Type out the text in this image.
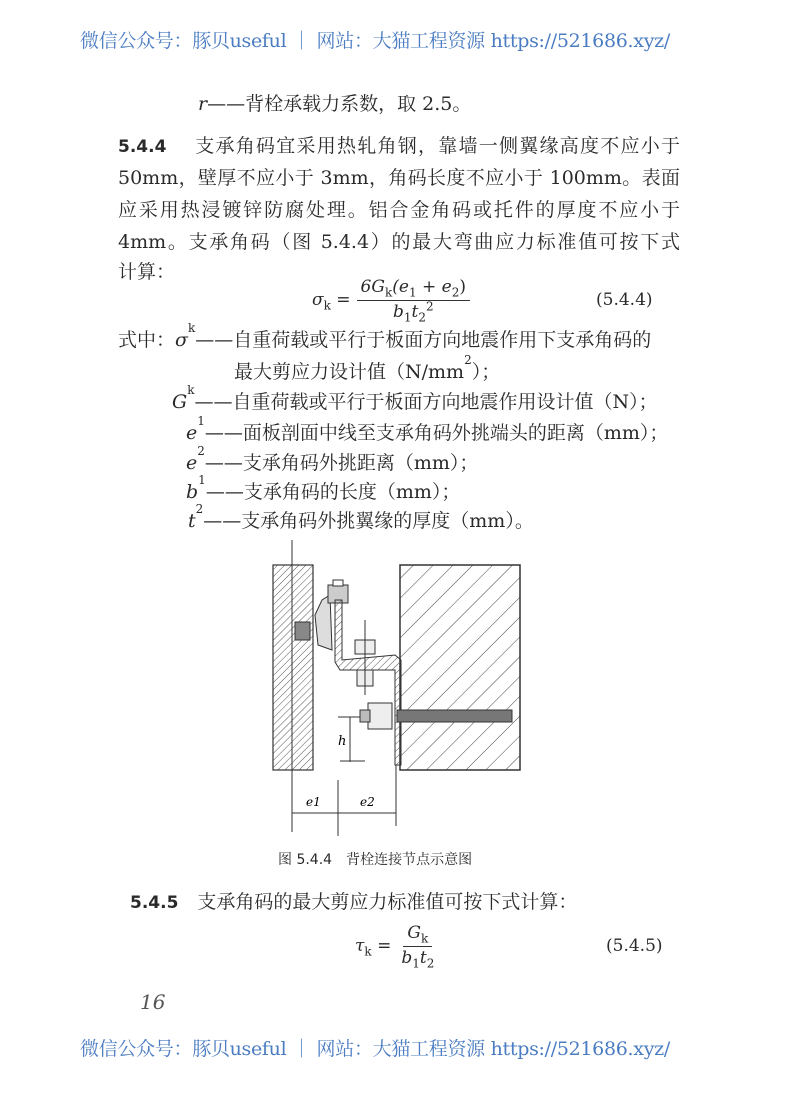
微信公众号：豚贝useful ｜ 网站：大猫工程资源 https://521686.xyz/
r——背栓承载力系数，取 2.5。
5.4.4　 支承角码宜采用热轧角钢，靠墙一侧翼缘高度不应小于
50mm，壁厚不应小于 3mm，角码长度不应小于 100mm。表面
应采用热浸镀锌防腐处理。铝合金角码或托件的厚度不应小于
4mm。支承角码（图 5.4.4）的最大弯曲应力标准值可按下式
计算：
$\sigma_k = \frac{6G_k(e_1 + e_2)}{b_1t_2^2}$	(5.4.4)
式中： σ
k
——自重荷载或平行于板面方向地震作用下支承角码的
最大剪应力设计值（N/mm
2
）；
G
k
——自重荷载或平行于板面方向地震作用设计值（N）；
e
1
——面板剖面中线至支承角码外挑端头的距离（mm）；
e
2
——支承角码外挑距离（mm）；
b
1
——支承角码的长度（mm）；
t
2
——支承角码外挑翼缘的厚度（mm）。
h
e1	e2
图 5.4.4　背栓连接节点示意图
5.4.5　 支承角码的最大剪应力标准值可按下式计算：
$\tau_k = \frac{G_k}{b_1t_2}$	(5.4.5)
16
微信公众号：豚贝useful ｜ 网站：大猫工程资源 https://521686.xyz/
